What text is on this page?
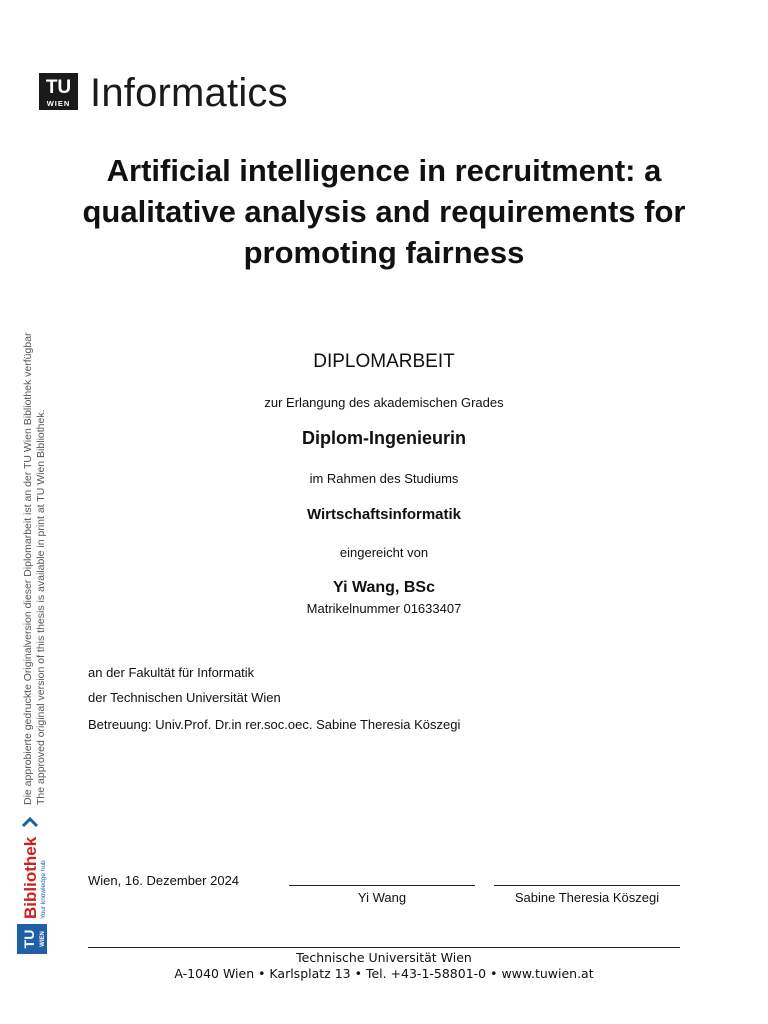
TU
WIEN Informatics
Artificial intelligence in recruitment: a qualitative analysis and requirements for promoting fairness
DIPLOMARBEIT
zur Erlangung des akademischen Grades
Diplom-Ingenieurin
im Rahmen des Studiums
Wirtschaftsinformatik
eingereicht von
Yi Wang, BSc
Matrikelnummer 01633407
an der Fakultät für Informatik
der Technischen Universität Wien
Betreuung: Univ.Prof. Dr.in rer.soc.oec. Sabine Theresia Köszegi
Wien, 16. Dezember 2024
Yi Wang	Sabine Theresia Köszegi
Technische Universität Wien
A-1040 Wien • Karlsplatz 13 • Tel. +43-1-58801-0 • www.tuwien.at
Die approbierte gedruckte Originalversion dieser Diplomarbeit ist an der TU Wien Bibliothek verfügbar The approved original version of this thesis is available in print at TU Wien Bibliothek.
TU WIEN
Bibliothek Your knowledge hub
